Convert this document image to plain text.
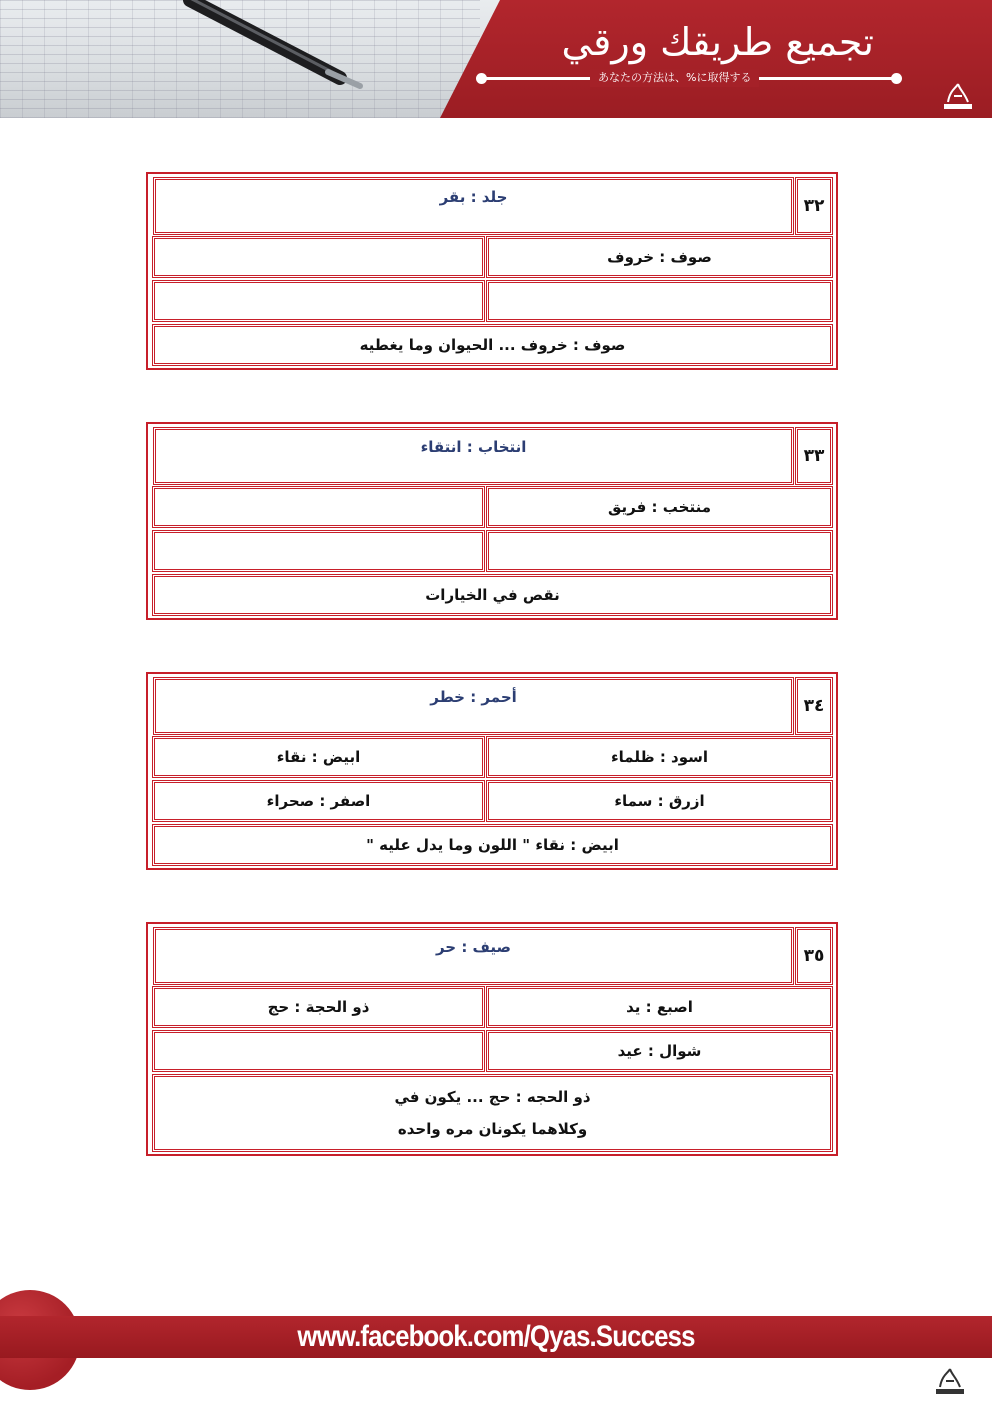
تجميع طريقك ورقي
あなたの方法は、%に取得する
٣٢
جلد : بقر
صوف : خروف
صوف : خروف ... الحيوان وما يغطيه
٣٣
انتخاب : انتقاء
منتخب : فريق
نقص في الخيارات
٣٤
أحمر : خطر
اسود : ظلماء
ابيض : نقاء
ازرق : سماء
اصفر : صحراء
ابيض : نقاء " اللون وما يدل عليه "
٣٥
صيف : حر
اصبع : يد
ذو الحجة : حج
شوال : عيد
ذو الحجه : حج ... يكون في
وكلاهما يكونان مره واحده
www.facebook.com/Qyas.Success
